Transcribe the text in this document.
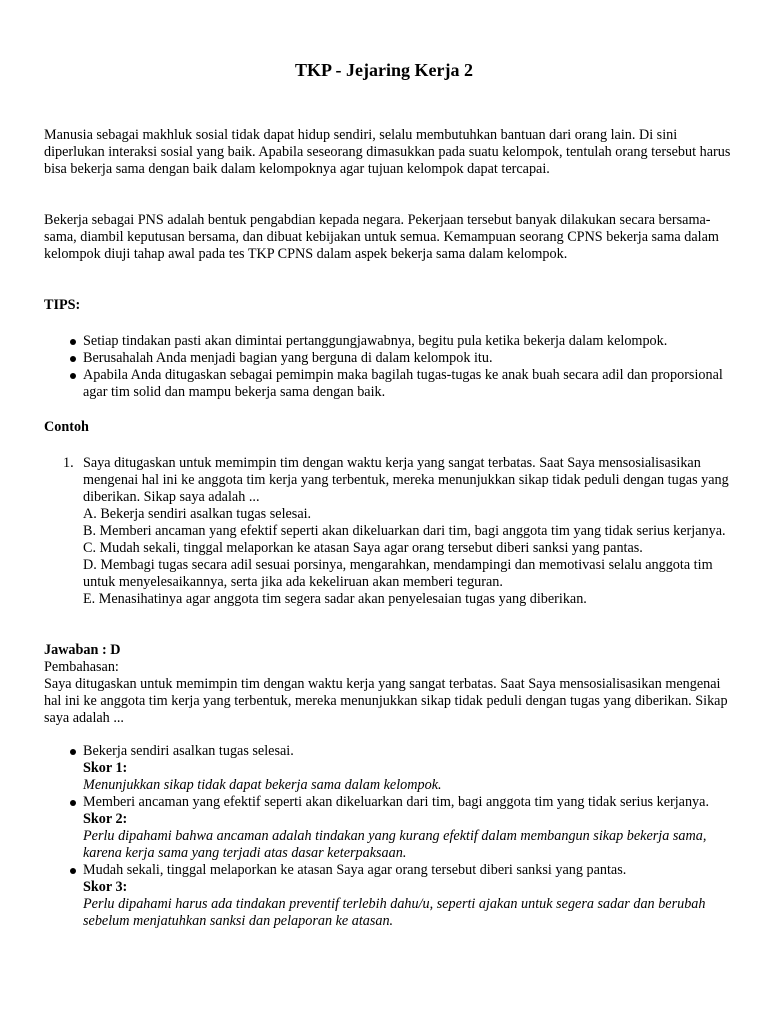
TKP - Jejaring Kerja 2

Manusia sebagai makhluk sosial tidak dapat hidup sendiri, selalu membutuhkan bantuan dari orang lain. Di sini diperlukan interaksi sosial yang baik. Apabila seseorang dimasukkan pada suatu kelompok, tentulah orang tersebut harus bisa bekerja sama dengan baik dalam kelompoknya agar tujuan kelompok dapat tercapai.

Bekerja sebagai PNS adalah bentuk pengabdian kepada negara. Pekerjaan tersebut banyak dilakukan secara bersama-sama, diambil keputusan bersama, dan dibuat kebijakan untuk semua. Kemampuan seorang CPNS bekerja sama dalam kelompok diuji tahap awal pada tes TKP CPNS dalam aspek bekerja sama dalam kelompok.

TIPS:
Setiap tindakan pasti akan dimintai pertanggungjawabnya, begitu pula ketika bekerja dalam kelompok.
Berusahalah Anda menjadi bagian yang berguna di dalam kelompok itu.
Apabila Anda ditugaskan sebagai pemimpin maka bagilah tugas-tugas ke anak buah secara adil dan proporsional agar tim solid dan mampu bekerja sama dengan baik.
Contoh
1. Saya ditugaskan untuk memimpin tim dengan waktu kerja yang sangat terbatas. Saat Saya mensosialisasikan mengenai hal ini ke anggota tim kerja yang terbentuk, mereka menunjukkan sikap tidak peduli dengan tugas yang diberikan. Sikap saya adalah ...
A. Bekerja sendiri asalkan tugas selesai.
B. Memberi ancaman yang efektif seperti akan dikeluarkan dari tim, bagi anggota tim yang tidak serius kerjanya.
C. Mudah sekali, tinggal melaporkan ke atasan Saya agar orang tersebut diberi sanksi yang pantas.
D. Membagi tugas secara adil sesuai porsinya, mengarahkan, mendampingi dan memotivasi selalu anggota tim untuk menyelesaikannya, serta jika ada kekeliruan akan memberi teguran.
E. Menasihatinya agar anggota tim segera sadar akan penyelesaian tugas yang diberikan.
Jawaban : D
Pembahasan:
Saya ditugaskan untuk memimpin tim dengan waktu kerja yang sangat terbatas. Saat Saya mensosialisasikan mengenai hal ini ke anggota tim kerja yang terbentuk, mereka menunjukkan sikap tidak peduli dengan tugas yang diberikan. Sikap saya adalah ...
Bekerja sendiri asalkan tugas selesai.
Skor 1:
Menunjukkan sikap tidak dapat bekerja sama dalam kelompok.
Memberi ancaman yang efektif seperti akan dikeluarkan dari tim, bagi anggota tim yang tidak serius kerjanya.
Skor 2:
Perlu dipahami bahwa ancaman adalah tindakan yang kurang efektif dalam membangun sikap bekerja sama, karena kerja sama yang terjadi atas dasar keterpaksaan.
Mudah sekali, tinggal melaporkan ke atasan Saya agar orang tersebut diberi sanksi yang pantas.
Skor 3:
Perlu dipahami harus ada tindakan preventif terlebih dahu/u, seperti ajakan untuk segera sadar dan berubah sebelum menjatuhkan sanksi dan pelaporan ke atasan.
